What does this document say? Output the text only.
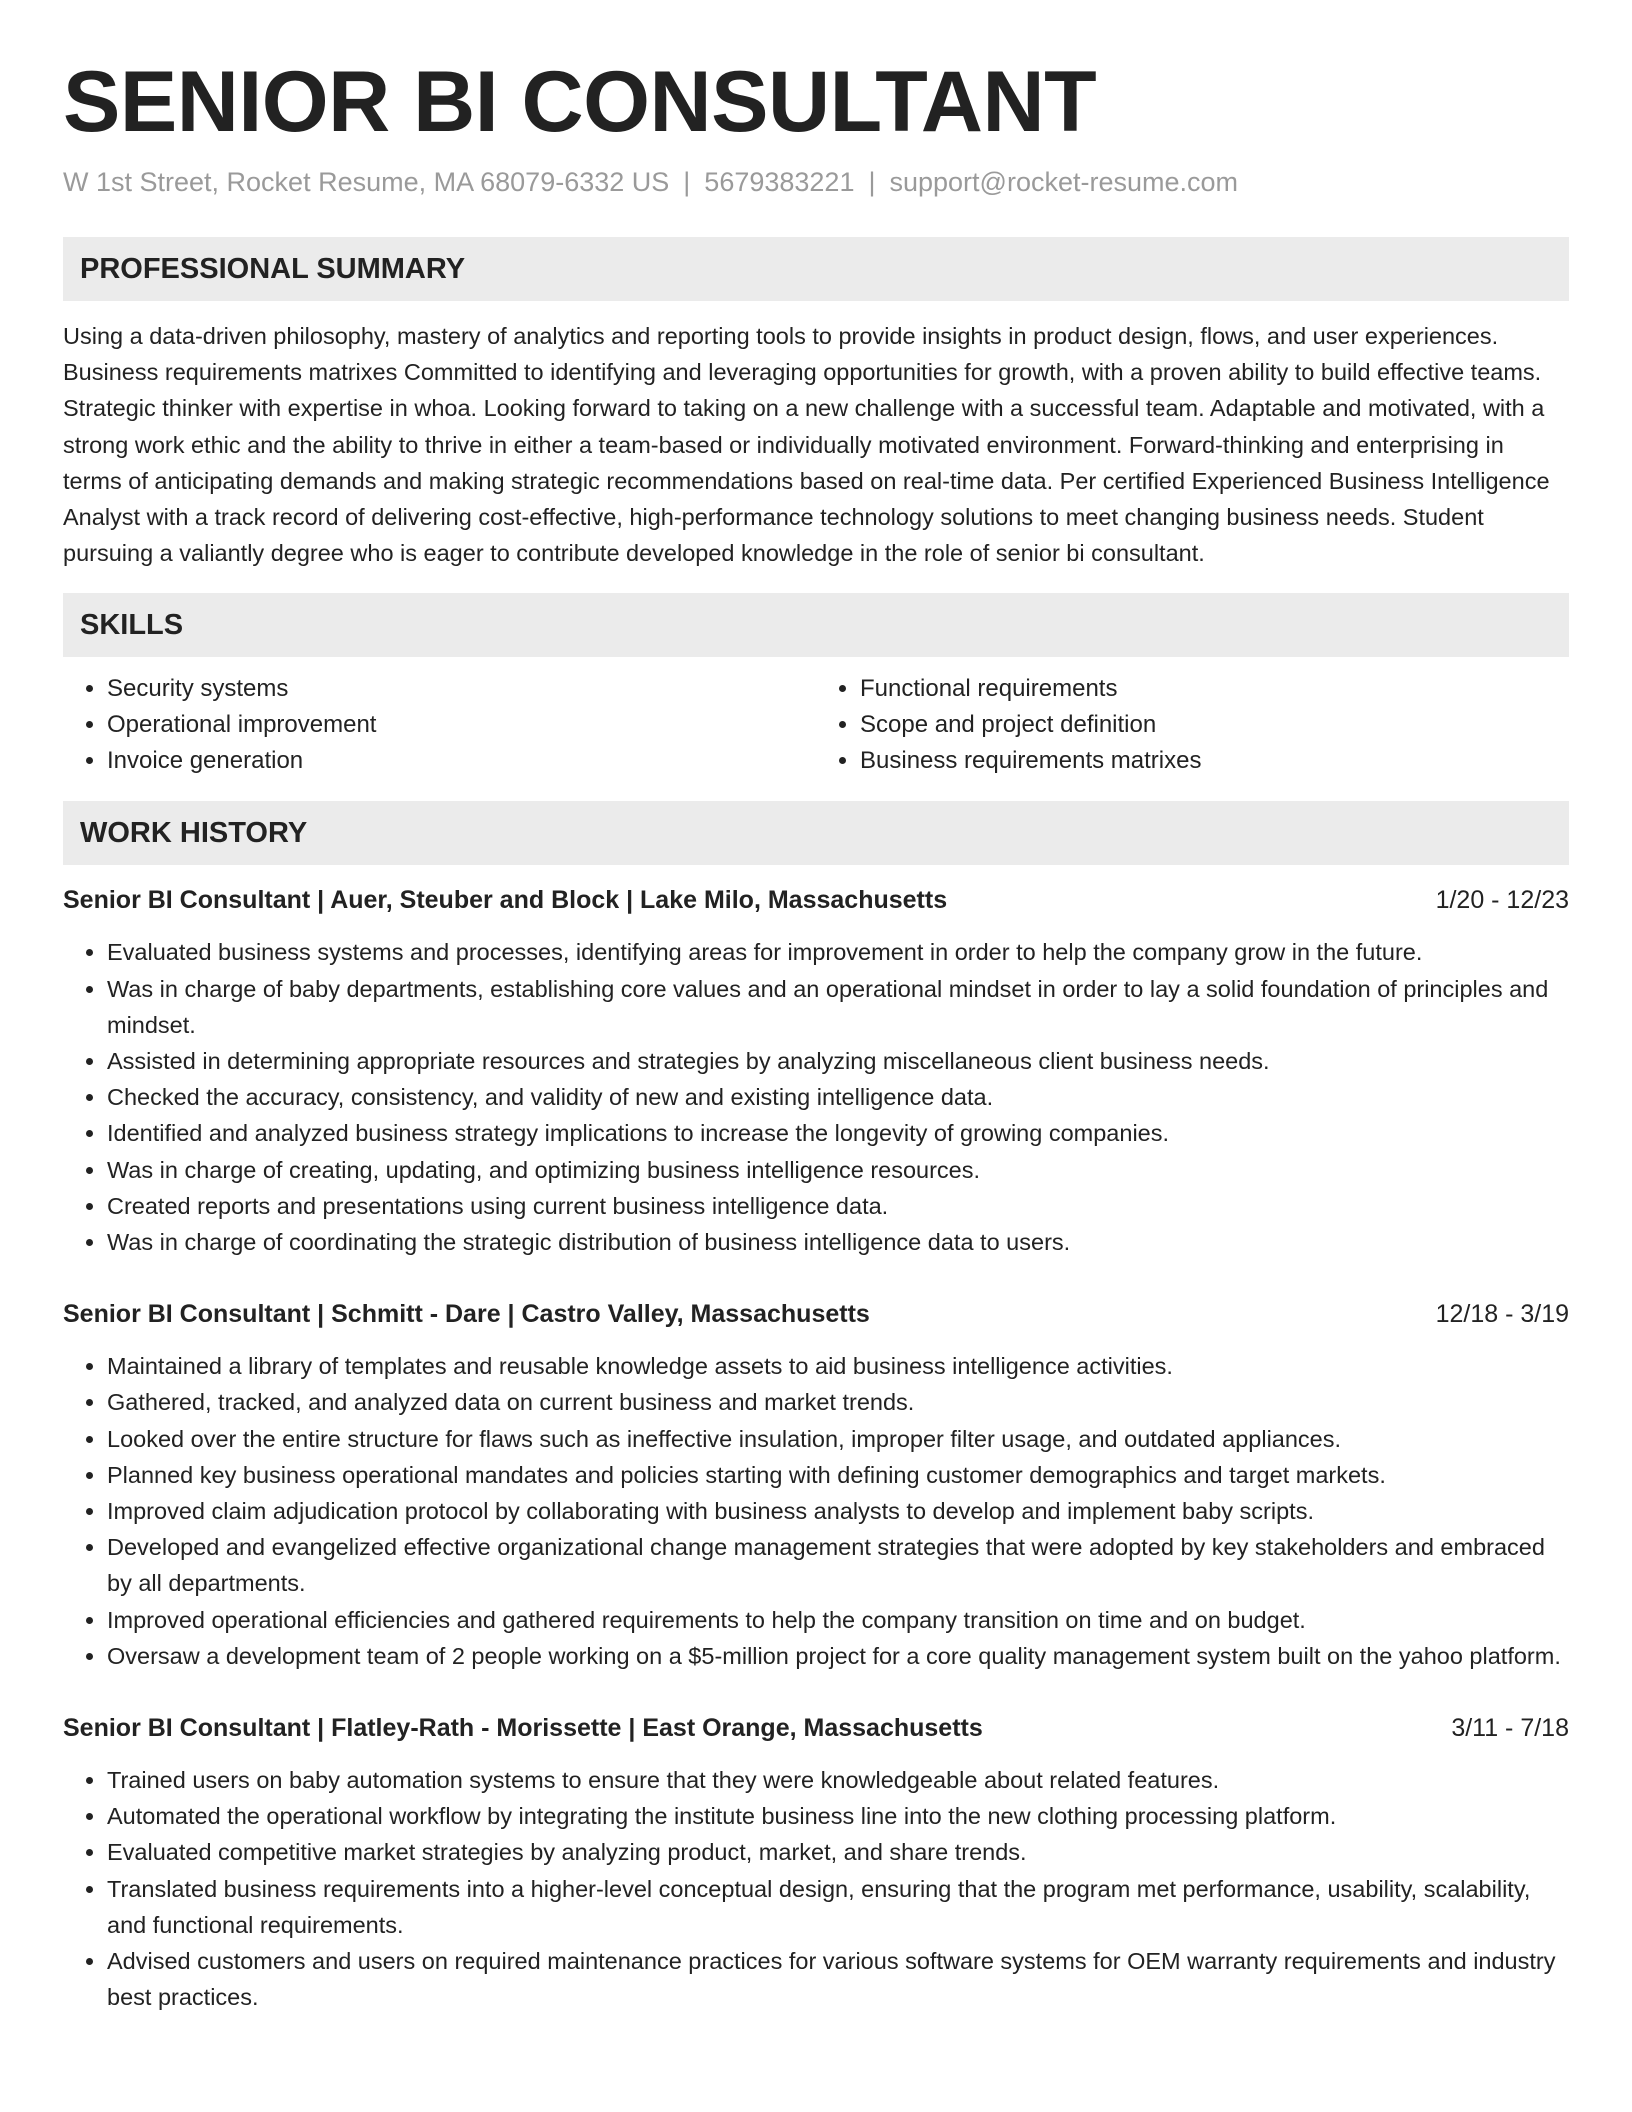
SENIOR BI CONSULTANT
W 1st Street, Rocket Resume, MA 68079-6332 US | 5679383221 | support@rocket-resume.com
PROFESSIONAL SUMMARY

Using a data-driven philosophy, mastery of analytics and reporting tools to provide insights in product design, flows, and user experiences. Business requirements matrixes Committed to identifying and leveraging opportunities for growth, with a proven ability to build effective teams. Strategic thinker with expertise in whoa. Looking forward to taking on a new challenge with a successful team. Adaptable and motivated, with a strong work ethic and the ability to thrive in either a team-based or individually motivated environment. Forward-thinking and enterprising in terms of anticipating demands and making strategic recommendations based on real-time data. Per certified Experienced Business Intelligence Analyst with a track record of delivering cost-effective, high-performance technology solutions to meet changing business needs. Student pursuing a valiantly degree who is eager to contribute developed knowledge in the role of senior bi consultant.

SKILLS
• Security systems
• Operational improvement
• Invoice generation
• Functional requirements
• Scope and project definition
• Business requirements matrixes
WORK HISTORY
Senior BI Consultant | Auer, Steuber and Block | Lake Milo, Massachusetts	1/20 - 12/23
• Evaluated business systems and processes, identifying areas for improvement in order to help the company grow in the future.
• Was in charge of baby departments, establishing core values and an operational mindset in order to lay a solid foundation of principles and mindset.
• Assisted in determining appropriate resources and strategies by analyzing miscellaneous client business needs.
• Checked the accuracy, consistency, and validity of new and existing intelligence data.
• Identified and analyzed business strategy implications to increase the longevity of growing companies.
• Was in charge of creating, updating, and optimizing business intelligence resources.
• Created reports and presentations using current business intelligence data.
• Was in charge of coordinating the strategic distribution of business intelligence data to users.
Senior BI Consultant | Schmitt - Dare | Castro Valley, Massachusetts	12/18 - 3/19
• Maintained a library of templates and reusable knowledge assets to aid business intelligence activities.
• Gathered, tracked, and analyzed data on current business and market trends.
• Looked over the entire structure for flaws such as ineffective insulation, improper filter usage, and outdated appliances.
• Planned key business operational mandates and policies starting with defining customer demographics and target markets.
• Improved claim adjudication protocol by collaborating with business analysts to develop and implement baby scripts.
• Developed and evangelized effective organizational change management strategies that were adopted by key stakeholders and embraced by all departments.
• Improved operational efficiencies and gathered requirements to help the company transition on time and on budget.
• Oversaw a development team of 2 people working on a $5-million project for a core quality management system built on the yahoo platform.
Senior BI Consultant | Flatley-Rath - Morissette | East Orange, Massachusetts	3/11 - 7/18
• Trained users on baby automation systems to ensure that they were knowledgeable about related features.
• Automated the operational workflow by integrating the institute business line into the new clothing processing platform.
• Evaluated competitive market strategies by analyzing product, market, and share trends.
• Translated business requirements into a higher-level conceptual design, ensuring that the program met performance, usability, scalability, and functional requirements.
• Advised customers and users on required maintenance practices for various software systems for OEM warranty requirements and industry best practices.
